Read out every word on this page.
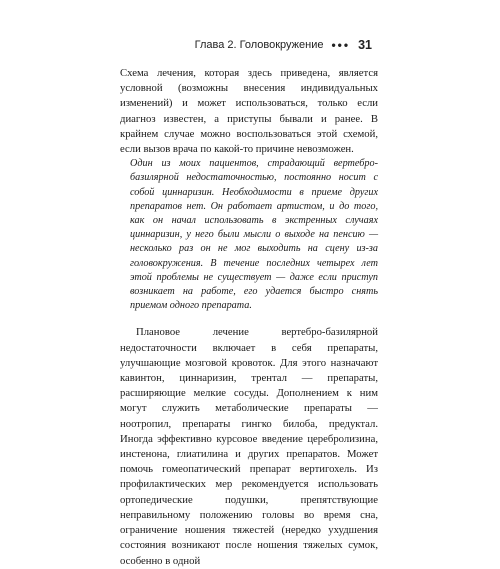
Глава 2. Головокружение ••• 31

Схема лечения, которая здесь приведена, является условной (возможны внесения индивидуальных изменений) и может использоваться, только если диагноз известен, а приступы бывали и ранее. В крайнем случае можно воспользоваться этой схемой, если вызов врача по какой-то причине невозможен.

Один из моих пациентов, страдающий вертебро-базилярной недостаточностью, постоянно носит с собой циннаризин. Необходимости в приеме других препаратов нет. Он работает артистом, и до того, как он начал использовать в экстренных случаях циннаризин, у него были мысли о выходе на пенсию — несколько раз он не мог выходить на сцену из-за головокружения. В течение последних четырех лет этой проблемы не существует — даже если приступ возникает на работе, его удается быстро снять приемом одного препарата.

Плановое лечение вертебро-базилярной недостаточности включает в себя препараты, улучшающие мозговой кровоток. Для этого назначают кавинтон, циннаризин, трентал — препараты, расширяющие мелкие сосуды. Дополнением к ним могут служить метаболические препараты — ноотропил, препараты гингко билоба, предуктал. Иногда эффективно курсовое введение церебролизина, инстенона, глиатилина и других препаратов. Может помочь гомеопатический препарат вертигохель. Из профилактических мер рекомендуется использовать ортопедические подушки, препятствующие неправильному положению головы во время сна, ограничение ношения тяжестей (нередко ухудшения состояния возникают после ношения тяжелых сумок, особенно в одной
